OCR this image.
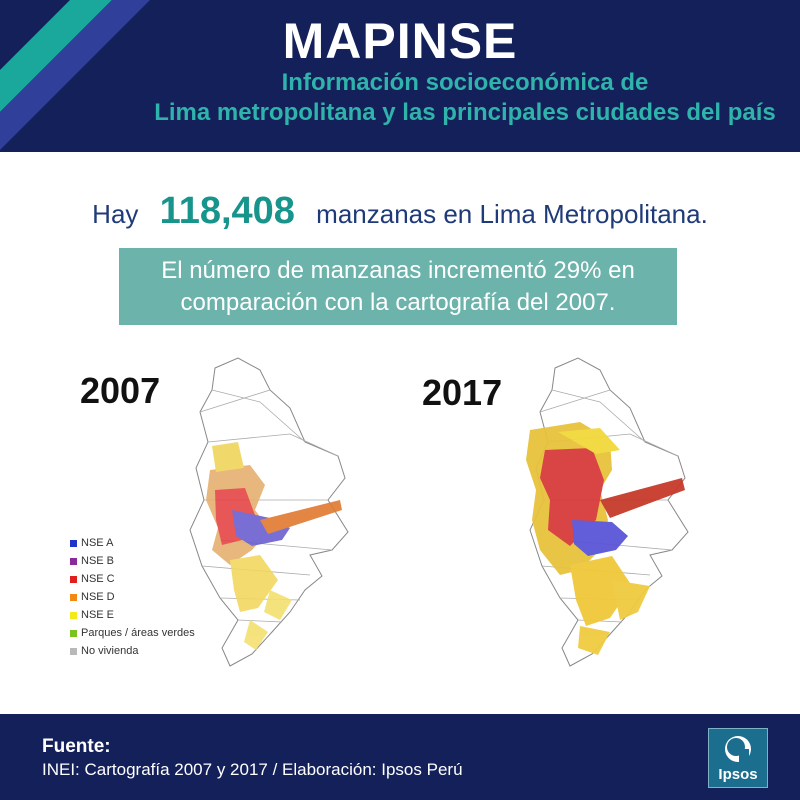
MAPINSE
Información socioeconómica de
Lima metropolitana y las principales ciudades del país
Hay 118,408 manzanas en Lima Metropolitana.
El número de manzanas incrementó 29% en
comparación con la cartografía del 2007.
2007	2017
NSE A
NSE B
NSE C
NSE D
NSE E
Parques / áreas verdes
No vivienda
Fuente:
INEI: Cartografía 2007 y 2017 / Elaboración: Ipsos Perú	Ipsos
